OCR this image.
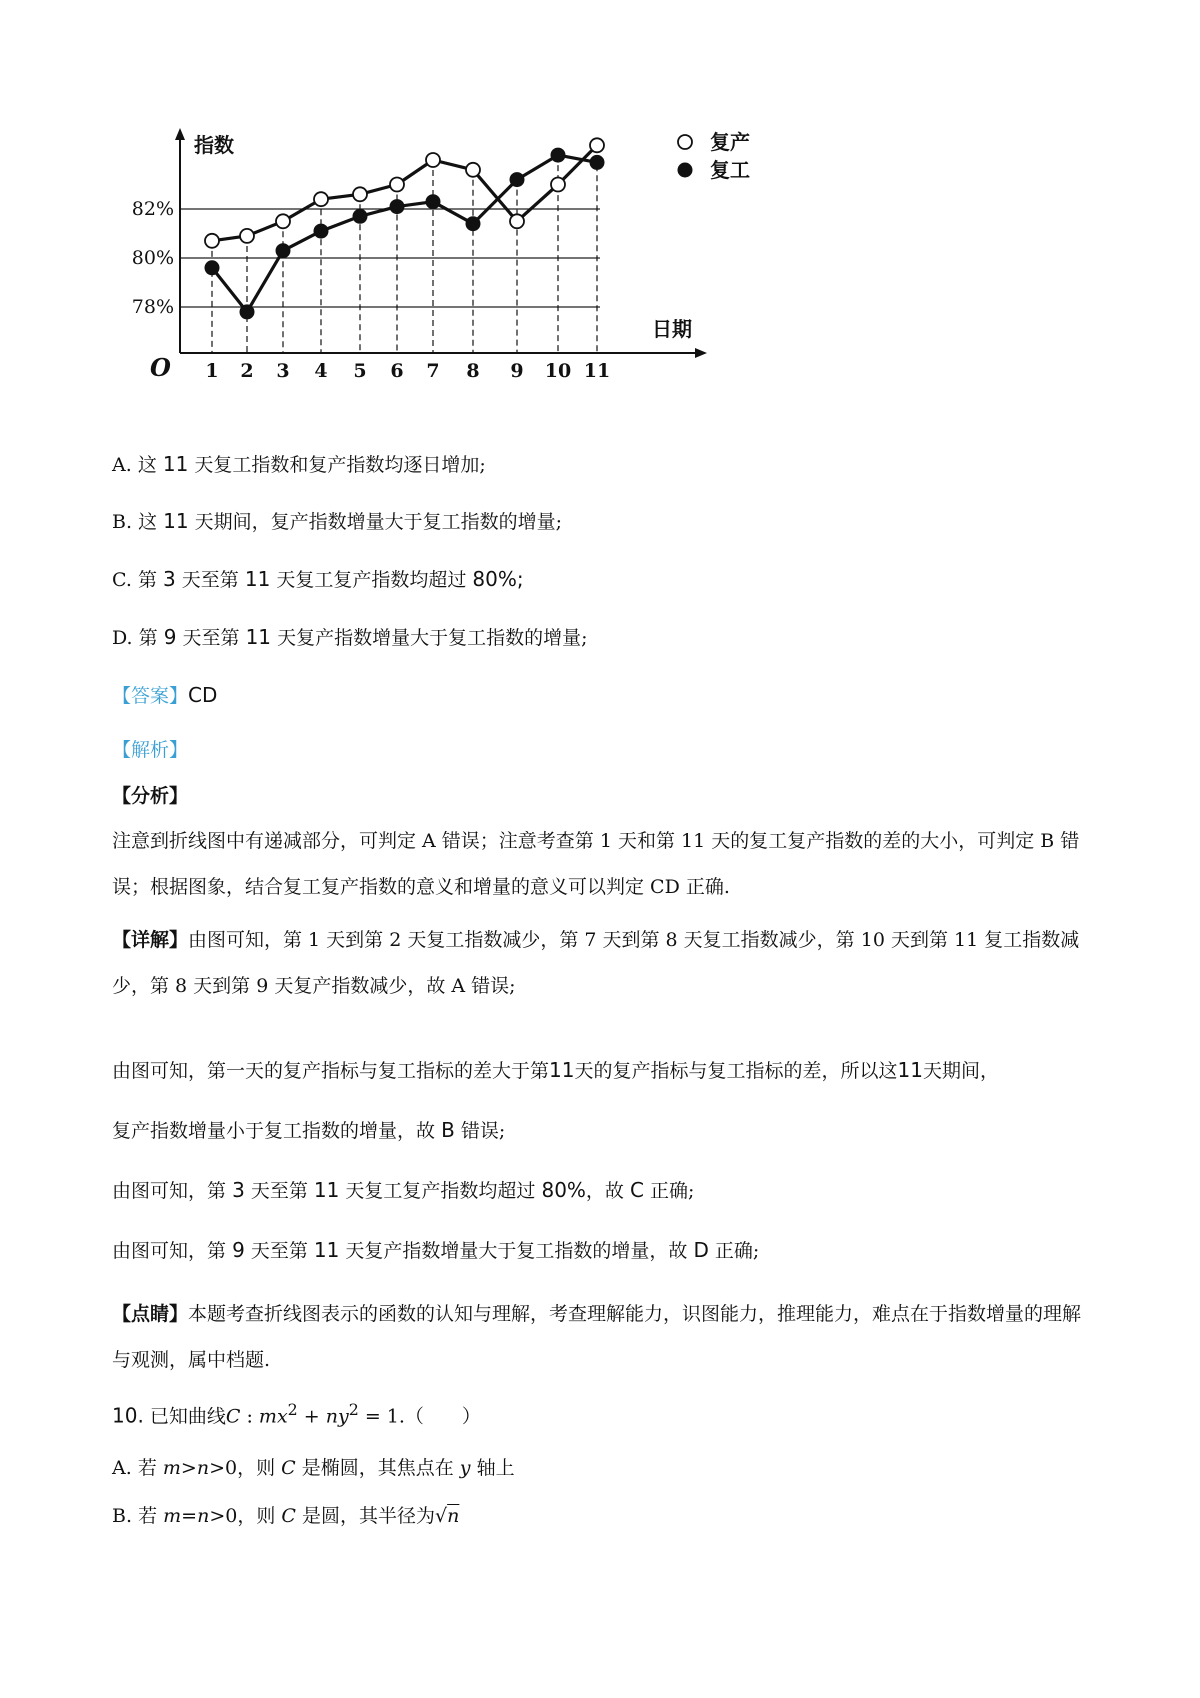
指数
日期
O
82%
80%
78%
1 2 3 4 5 6 7 8 9 10 11
复产
复工

A. 这 11 天复工指数和复产指数均逐日增加;

B. 这 11 天期间，复产指数增量大于复工指数的增量;

C. 第 3 天至第 11 天复工复产指数均超过 80%;

D. 第 9 天至第 11 天复产指数增量大于复工指数的增量;

【答案】CD

【解析】

【分析】

注意到折线图中有递减部分，可判定 A 错误；注意考查第 1 天和第 11 天的复工复产指数的差的大小，可判定 B 错误；根据图象，结合复工复产指数的意义和增量的意义可以判定 CD 正确.

【详解】由图可知，第 1 天到第 2 天复工指数减少，第 7 天到第 8 天复工指数减少，第 10 天到第 11 复工指数减少，第 8 天到第 9 天复产指数减少，故 A 错误;

由图可知，第一天的复产指标与复工指标的差大于第11天的复产指标与复工指标的差，所以这11天期间，

复产指数增量小于复工指数的增量，故 B 错误;

由图可知，第 3 天至第 11 天复工复产指数均超过 80%，故 C 正确;

由图可知，第 9 天至第 11 天复产指数增量大于复工指数的增量，故 D 正确;

【点睛】本题考查折线图表示的函数的认知与理解，考查理解能力，识图能力，推理能力，难点在于指数增量的理解与观测，属中档题.

10. 已知曲线C : $mx^2 + ny^2 = 1$.（　　）

A. 若 m>n>0，则 C 是椭圆，其焦点在 y 轴上

B. 若 m=n>0，则 C 是圆，其半径为√n
